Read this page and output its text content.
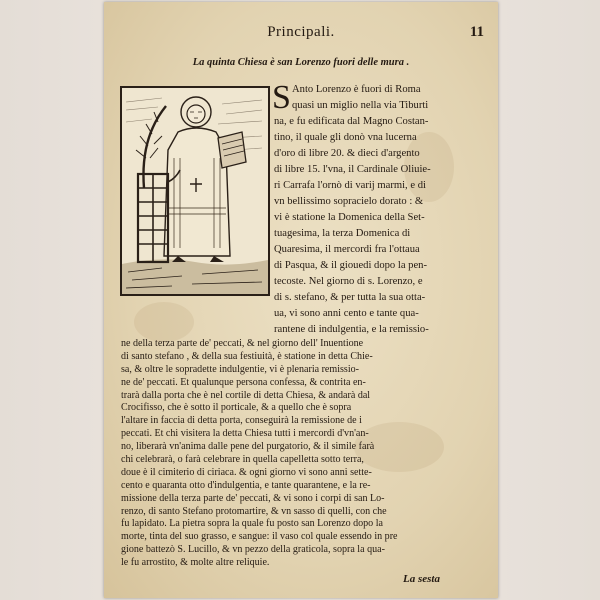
Principali.	11
La quinta Chiesa è san Lorenzo fuori delle mura .
S Anto Lorenzo è fuori di Roma
quasi un miglio nella via Tiburti
na, e fu edificata dal Magno Costan-
tino, il quale gli donò vna lucerna
d'oro di libre 20. & dieci d'argento
di libre 15. l'vna, il Cardinale Oliuie-
ri Carrafa l'ornò di varij marmi, e di
vn bellissimo sopracielo dorato : &
vi è statione la Domenica della Set-
tuagesima, la terza Domenica di
Quaresima, il mercordi fra l'ottaua
di Pasqua, & il giouedi dopo la pen-
tecoste. Nel giorno di s. Lorenzo, e
di s. stefano, & per tutta la sua otta-
ua, vi sono anni cento e tante qua-
rantene di indulgentia, e la remissio-
La sesta
ne della terza parte de' peccati, & nel giorno dell' Inuentione
di santo stefano , & della sua festiuità, è statione in detta Chie-
sa, & oltre le sopradette indulgentie, vi è plenaria remissio-
ne de' peccati. Et qualunque persona confessa, & contrita en-
trarà dalla porta che è nel cortile di detta Chiesa, & andarà dal
Crocifisso, che è sotto il porticale, & a quello che è sopra
l'altare in faccia di detta porta, conseguirà la remissione de i
peccati. Et chi visitera la detta Chiesa tutti i mercordi d'vn'an-
no, liberarà vn'anima dalle pene del purgatorio, & il simile farà
chi celebrarà, o farà celebrare in quella capelletta sotto terra,
doue è il cimiterio di ciriaca. & ogni giorno vi sono anni sette-
cento e quaranta otto d'indulgentia, e tante quarantene, e la re-
missione della terza parte de' peccati, & vi sono i corpi di san Lo-
renzo, di santo Stefano protomartire, & vn sasso di quelli, con che
fu lapidato. La pietra sopra la quale fu posto san Lorenzo dopo la
morte, tinta del suo grasso, e sangue: il vaso col quale essendo in pre
gione battezò S. Lucillo, & vn pezzo della graticola, sopra la qua-
le fu arrostito, & molte altre reliquie.
